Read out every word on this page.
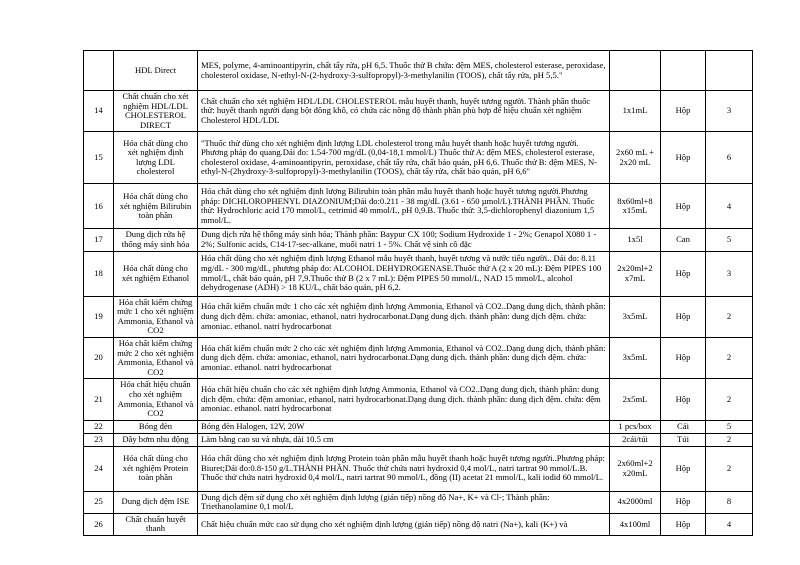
	HDL Direct	MES, polyme, 4-aminoantipyrin, chất tẩy rửa, pH 6,5. Thuốc thử B chứa: đệm MES, cholesterol esterase, peroxidase, cholesterol oxidase, N-ethyl-N-(2-hydroxy-3-sulfopropyl)-3-methylanilin (TOOS), chất tẩy rửa, pH 5,5."			
14	Chất chuẩn cho xét nghiệm HDL/LDL CHOLESTEROL DIRECT	Chất chuẩn cho xét nghiệm HDL/LDL CHOLESTEROL mẫu huyết thanh, huyết tương người. Thành phần thuốc thử: huyết thanh người dạng bột đông khô, có chứa các nồng độ thành phần phù hợp để hiệu chuẩn xét nghiệm Cholesterol HDL/LDL	1x1mL	Hộp	3
15	Hóa chất dùng cho xét nghiệm định lượng LDL cholesterol	"Thuốc thử dùng cho xét nghiệm định lượng LDL cholesterol trong mẫu huyết thanh hoặc huyết tương người. Phương pháp đo quang.Dải đo: 1.54-700 mg/dL (0,04-18,1 mmol/L) Thuốc thử A: đệm MES, cholesterol esterase, cholesterol oxidase, 4-aminoantipyrin, peroxidase, chất tẩy rửa, chất bảo quản, pH 6,6. Thuốc thử B: đệm MES, N-ethyl-N-(2hydroxy-3-sulfopropyl)-3-methylanilin (TOOS), chất tẩy rửa, chất bảo quản, pH 6,6"	2x60 mL + 2x20 mL	Hộp	6
16	Hóa chất dùng cho xét nghiệm Bilirubin toàn phần	Hóa chất dùng cho xét nghiệm định lượng Bilirubin toàn phần mẫu huyết thanh hoặc huyết tương người.Phương pháp: DICHLOROPHENYL DIAZONIUM;Dải đo:0.211 - 38 mg/dL (3.61 - 650 µmol/L).THÀNH PHẦN. Thuốc thử: Hydrochloric acid 170 mmol/L, cetrimid 40 mmol/L, pH 0,9.B. Thuốc thử: 3,5-dichlorophenyl diazonium 1,5 mmol/L.	8x60ml+8 x15mL	Hộp	4
17	Dung dịch rửa hệ thống máy sinh hóa	Dung dịch rửa hệ thống máy sinh hóa; Thành phần: Baypur CX 100; Sodium Hydroxide 1 - 2%; Genapol X080 1 - 2%; Sulfonic acids, C14-17-sec-alkane, muối natri 1 - 5%. Chất vệ sinh cô đặc	1x5l	Can	5
18	Hóa chất dùng cho xét nghiệm Ethanol	Hóa chất dùng cho xét nghiệm định lượng Ethanol mẫu huyết thanh, huyết tương và nước tiểu người.. Dải đo: 8.11 mg/dL - 300 mg/dL, phương pháp đo: ALCOHOL DEHYDROGENASE.Thuốc thử A (2 x 20 mL): Đệm PIPES 100 mmol/L, chất bảo quản, pH 7,9.Thuốc thử B (2 x 7 mL): Đệm PIPES 50 mmol/L, NAD 15 mmol/L, alcohol dehydrogenase (ADH) > 18 KU/L, chất bảo quản, pH 6,2.	2x20ml+2 x7mL	Hộp	3
19	Hóa chất kiểm chứng mức 1 cho xét nghiệm Ammonia, Ethanol và CO2	Hóa chất kiểm chuẩn mức 1 cho các xét nghiệm định lượng Ammonia, Ethanol và CO2..Dạng dung dịch, thành phần: dung dịch đệm. chứa: amoniac, ethanol, natri hydrocarbonat.Dạng dung dịch. thành phần: dung dịch đệm. chứa: amoniac. ethanol. natri hydrocarbonat	3x5mL	Hộp	2
20	Hóa chất kiểm chứng mức 2 cho xét nghiệm Ammonia, Ethanol và CO2	Hóa chất kiểm chuẩn mức 2 cho các xét nghiệm định lượng Ammonia, Ethanol và CO2..Dạng dung dịch, thành phần: dung dịch đệm. chứa: amoniac, ethanol, natri hydrocarbonat.Dạng dung dịch. thành phần: dung dịch đệm. chứa: amoniac. ethanol. natri hydrocarbonat	3x5mL	Hộp	2
21	Hóa chất hiệu chuẩn cho xét nghiệm Ammonia, Ethanol và CO2	Hóa chất hiệu chuẩn cho các xét nghiệm định lượng Ammonia, Ethanol và CO2..Dạng dung dịch, thành phần: dung dịch đệm. chứa: đệm amoniac, ethanol, natri hydrocarbonat.Dạng dung dịch. thành phần: dung dịch đệm. chứa: đệm amoniac. ethanol. natri hydrocarbonat	2x5mL	Hộp	2
22	Bóng đèn	Bóng đèn Halogen, 12V, 20W	1 pcs/box	Cái	5
23	Dây bơm nhu động	Làm bằng cao su và nhựa, dài 10.5 cm	2cái/túi	Túi	2
24	Hóa chất dùng cho xét nghiệm Protein toàn phần	Hóa chất dùng cho xét nghiệm định lượng Protein toàn phần mẫu huyết thanh hoặc huyết tương người..Phương pháp: Biuret;Dải đo:0.8-150 g/L.THÀNH PHẦN. Thuốc thử chứa natri hydroxid 0,4 mol/L, natri tartrat 90 mmol/L.B. Thuốc thử chứa natri hydroxid 0,4 mol/L, natri tartrat 90 mmol/L, đồng (II) acetat 21 mmol/L, kali iodid 60 mmol/L.	2x60ml+2 x20mL	Hộp	2
25	Dung dịch đệm ISE	Dung dịch đệm sử dụng cho xét nghiệm định lượng (gián tiếp) nồng độ Na+, K+ và Cl-; Thành phần: Triethanolamine 0,1 mol/L	4x2000ml	Hộp	8
26	Chất chuẩn huyết thanh	Chất hiệu chuẩn mức cao sử dụng cho xét nghiệm định lượng (gián tiếp) nồng độ natri (Na+), kali (K+) và	4x100ml	Hộp	4
